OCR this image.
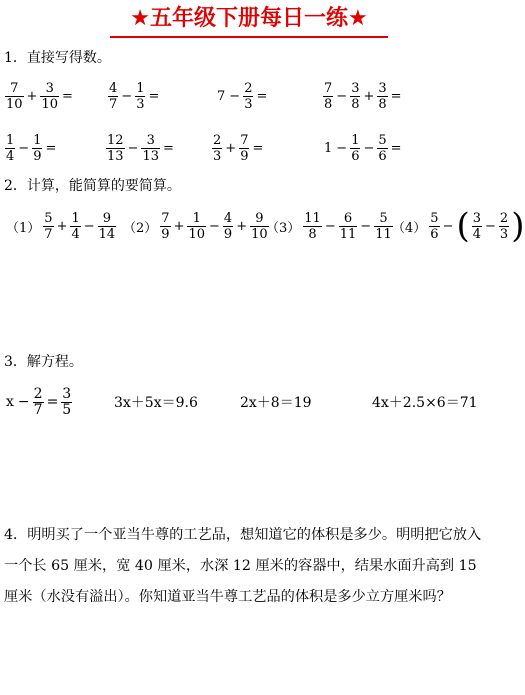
★五年级下册每日一练★
1．直接写得数。
$\frac{7}{10} + \frac{3}{10}$ =	$\frac{4}{7} - \frac{1}{3}$ =	$7 - \frac{2}{3}$ =	$\frac{7}{8} - \frac{3}{8} + \frac{3}{8}$ =
$\frac{1}{4} - \frac{1}{9}$ =	$\frac{12}{13} - \frac{3}{13}$ =	$\frac{2}{3} + \frac{7}{9}$ =	$1 - \frac{1}{6} - \frac{5}{6}$ =
2．计算，能简算的要简算。
$(1) \frac{5}{7} + \frac{1}{4} - \frac{9}{14} (2) \frac{7}{9} + \frac{1}{10} - \frac{4}{9} + \frac{9}{10}$
$(3) \frac{11}{8} - \frac{6}{11} - \frac{5}{11} (4) \frac{5}{6}$ − ( $\frac{3}{4} - \frac{2}{3}$ )
3．解方程。
$x - \frac{2}{7} = \frac{3}{5}$	3x＋5x＝9.6	2x＋8＝19	4x＋2.5×6＝71
4．明明买了一个亚当牛尊的工艺品，想知道它的体积是多少。明明把它放入一个长 65 厘米，宽 40 厘米，水深 12 厘米的容器中，结果水面升高到 15 厘米（水没有溢出）。你知道亚当牛尊工艺品的体积是多少立方厘米吗？
